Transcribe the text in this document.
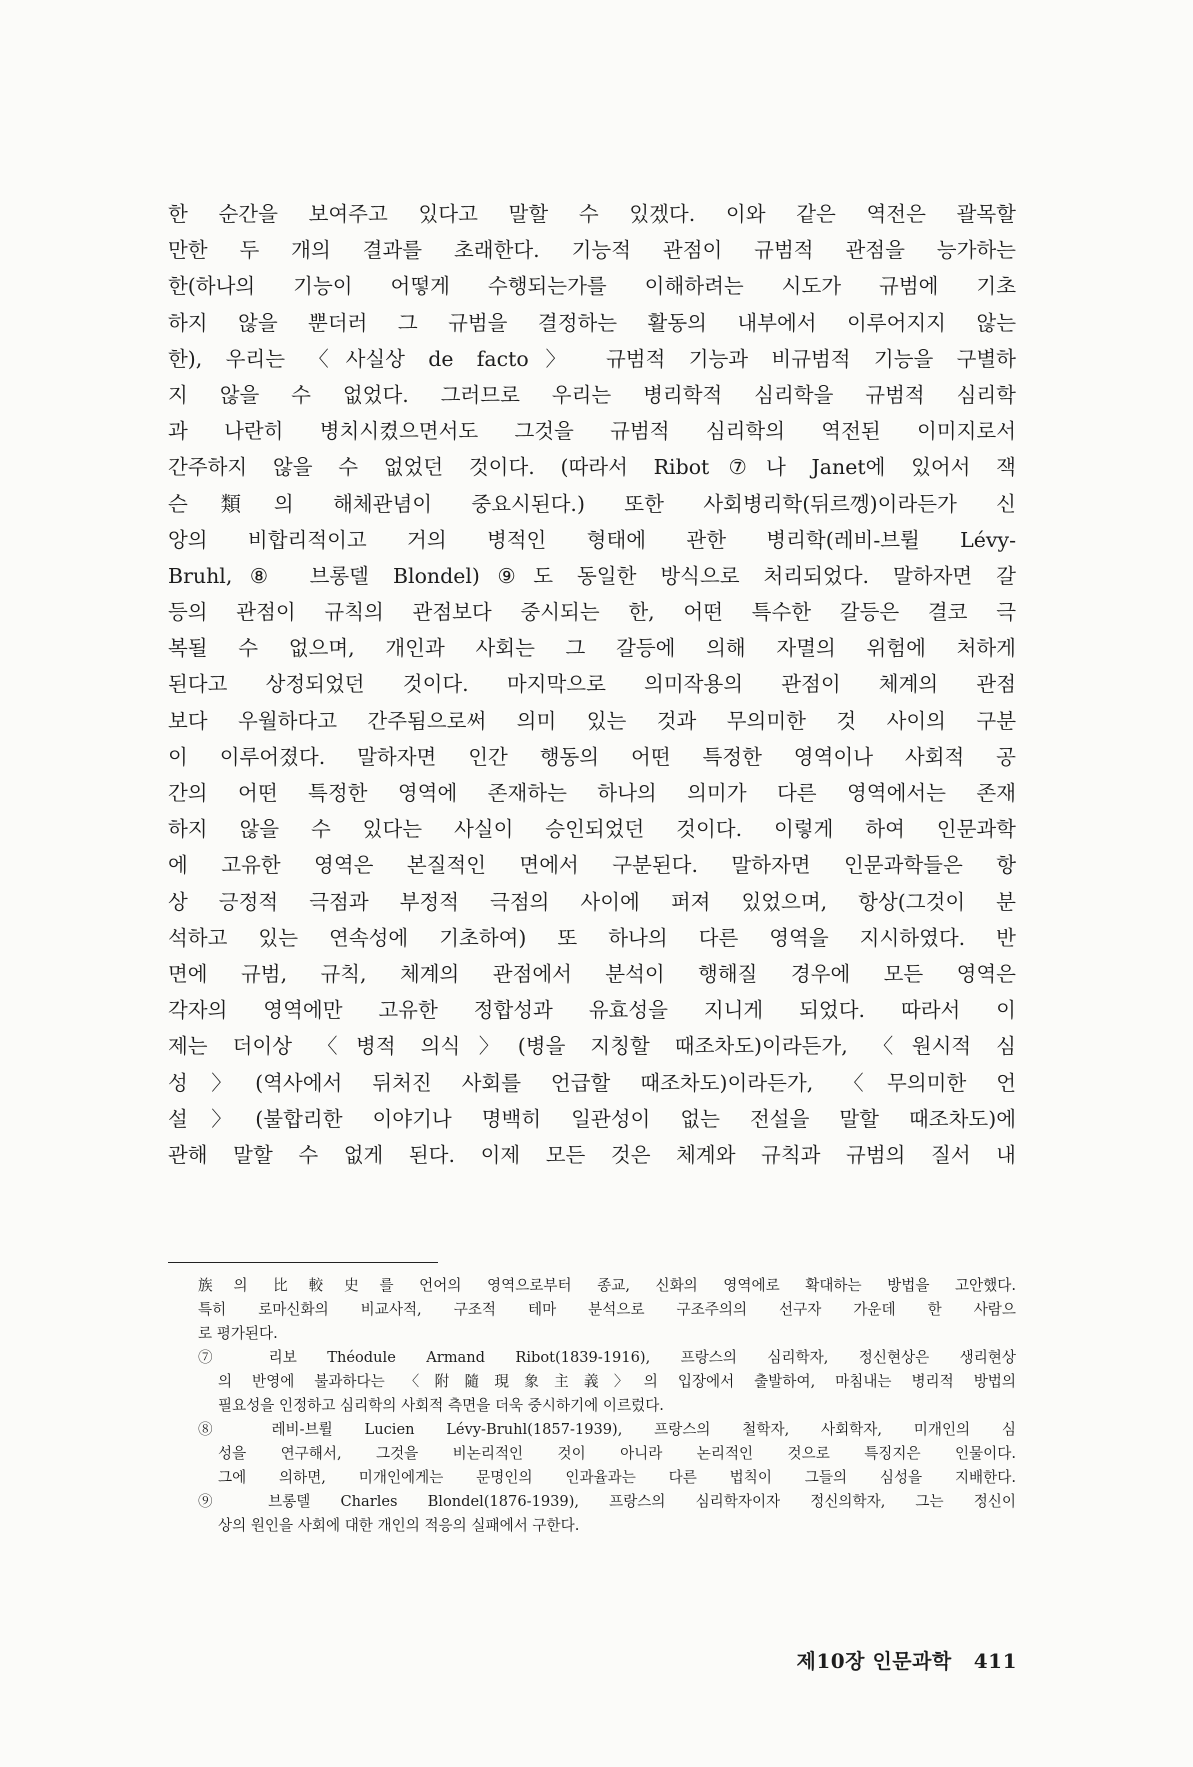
한 순간을 보여주고 있다고 말할 수 있겠다. 이와 같은 역전은 괄목할
만한 두 개의 결과를 초래한다. 기능적 관점이 규범적 관점을 능가하는
한(하나의 기능이 어떻게 수행되는가를 이해하려는 시도가 규범에 기초
하지 않을 뿐더러 그 규범을 결정하는 활동의 내부에서 이루어지지 않는
한), 우리는 〈사실상 de facto〉 규범적 기능과 비규범적 기능을 구별하
지 않을 수 없었다. 그러므로 우리는 병리학적 심리학을 규범적 심리학
과 나란히 병치시켰으면서도 그것을 규범적 심리학의 역전된 이미지로서
간주하지 않을 수 없었던 것이다. (따라서 Ribot⑦나 Janet에 있어서 잭
슨類의 해체관념이 중요시된다.) 또한 사회병리학(뒤르껭)이라든가 신
앙의 비합리적이고 거의 병적인 형태에 관한 병리학(레비-브륄 Lévy-
Bruhl,⑧ 브롱델 Blondel)⑨도 동일한 방식으로 처리되었다. 말하자면 갈
등의 관점이 규칙의 관점보다 중시되는 한, 어떤 특수한 갈등은 결코 극
복될 수 없으며, 개인과 사회는 그 갈등에 의해 자멸의 위험에 처하게
된다고 상정되었던 것이다. 마지막으로 의미작용의 관점이 체계의 관점
보다 우월하다고 간주됨으로써 의미 있는 것과 무의미한 것 사이의 구분
이 이루어졌다. 말하자면 인간 행동의 어떤 특정한 영역이나 사회적 공
간의 어떤 특정한 영역에 존재하는 하나의 의미가 다른 영역에서는 존재
하지 않을 수 있다는 사실이 승인되었던 것이다. 이렇게 하여 인문과학
에 고유한 영역은 본질적인 면에서 구분된다. 말하자면 인문과학들은 항
상 긍정적 극점과 부정적 극점의 사이에 퍼져 있었으며, 항상(그것이 분
석하고 있는 연속성에 기초하여) 또 하나의 다른 영역을 지시하였다. 반
면에 규범, 규칙, 체계의 관점에서 분석이 행해질 경우에 모든 영역은
각자의 영역에만 고유한 정합성과 유효성을 지니게 되었다. 따라서 이
제는 더이상 〈병적 의식〉(병을 지칭할 때조차도)이라든가, 〈원시적 심
성〉(역사에서 뒤처진 사회를 언급할 때조차도)이라든가, 〈무의미한 언
설〉(불합리한 이야기나 명백히 일관성이 없는 전설을 말할 때조차도)에
관해 말할 수 없게 된다. 이제 모든 것은 체계와 규칙과 규범의 질서 내
族의 比較史를 언어의 영역으로부터 종교, 신화의 영역에로 확대하는 방법을 고안했다.
특히 로마신화의 비교사적, 구조적 테마 분석으로 구조주의의 선구자 가운데 한 사람으
로 평가된다.
⑦ 리보 Théodule Armand Ribot(1839-1916), 프랑스의 심리학자, 정신현상은 생리현상
의 반영에 불과하다는 〈附隨現象主義〉의 입장에서 출발하여, 마침내는 병리적 방법의
필요성을 인정하고 심리학의 사회적 측면을 더욱 중시하기에 이르렀다.
⑧ 레비-브륄 Lucien Lévy-Bruhl(1857-1939), 프랑스의 철학자, 사회학자, 미개인의 심
성을 연구해서, 그것을 비논리적인 것이 아니라 논리적인 것으로 특징지은 인물이다.
그에 의하면, 미개인에게는 문명인의 인과율과는 다른 법칙이 그들의 심성을 지배한다.
⑨ 브롱델 Charles Blondel(1876-1939), 프랑스의 심리학자이자 정신의학자, 그는 정신이
상의 원인을 사회에 대한 개인의 적응의 실패에서 구한다.
제10장 인문과학 411
